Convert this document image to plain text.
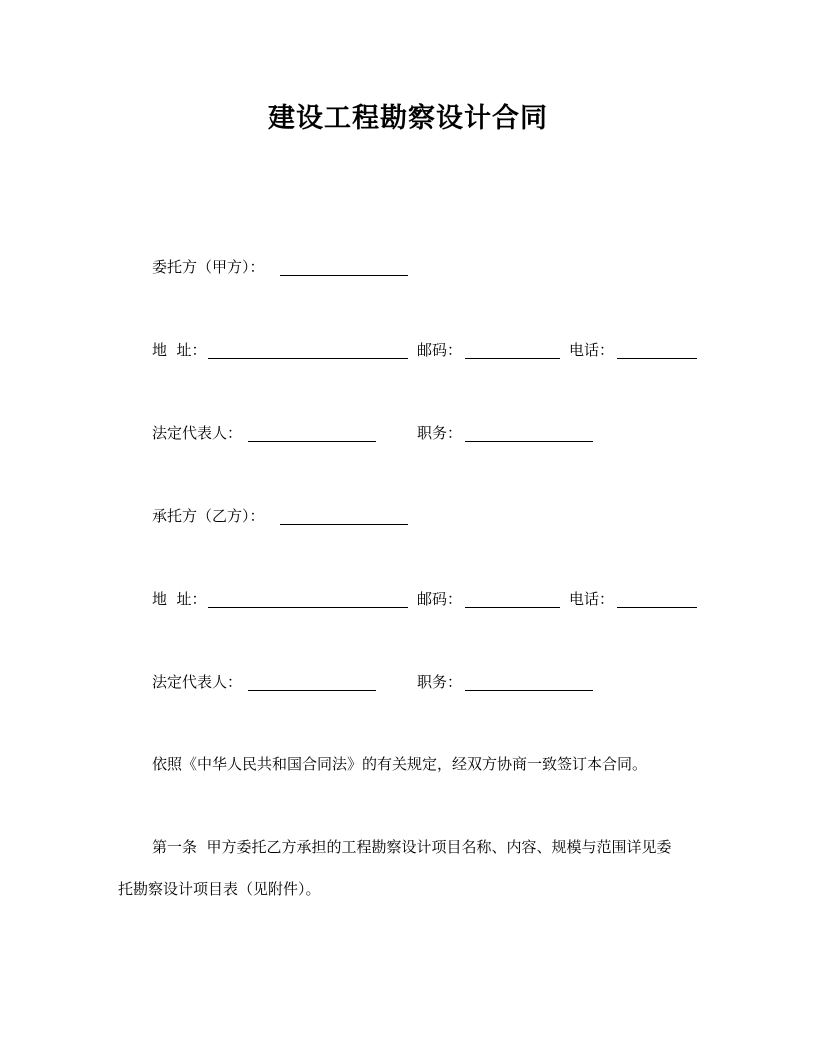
建设工程勘察设计合同
委托方（甲方）：
地  址：	邮码：	电话：
法定代表人：	职务：
承托方（乙方）：
地  址：	邮码：	电话：
法定代表人：	职务：
依照《中华人民共和国合同法》的有关规定，经双方协商一致签订本合同。
第一条  甲方委托乙方承担的工程勘察设计项目名称、内容、规模与范围详见委
托勘察设计项目表（见附件）。
